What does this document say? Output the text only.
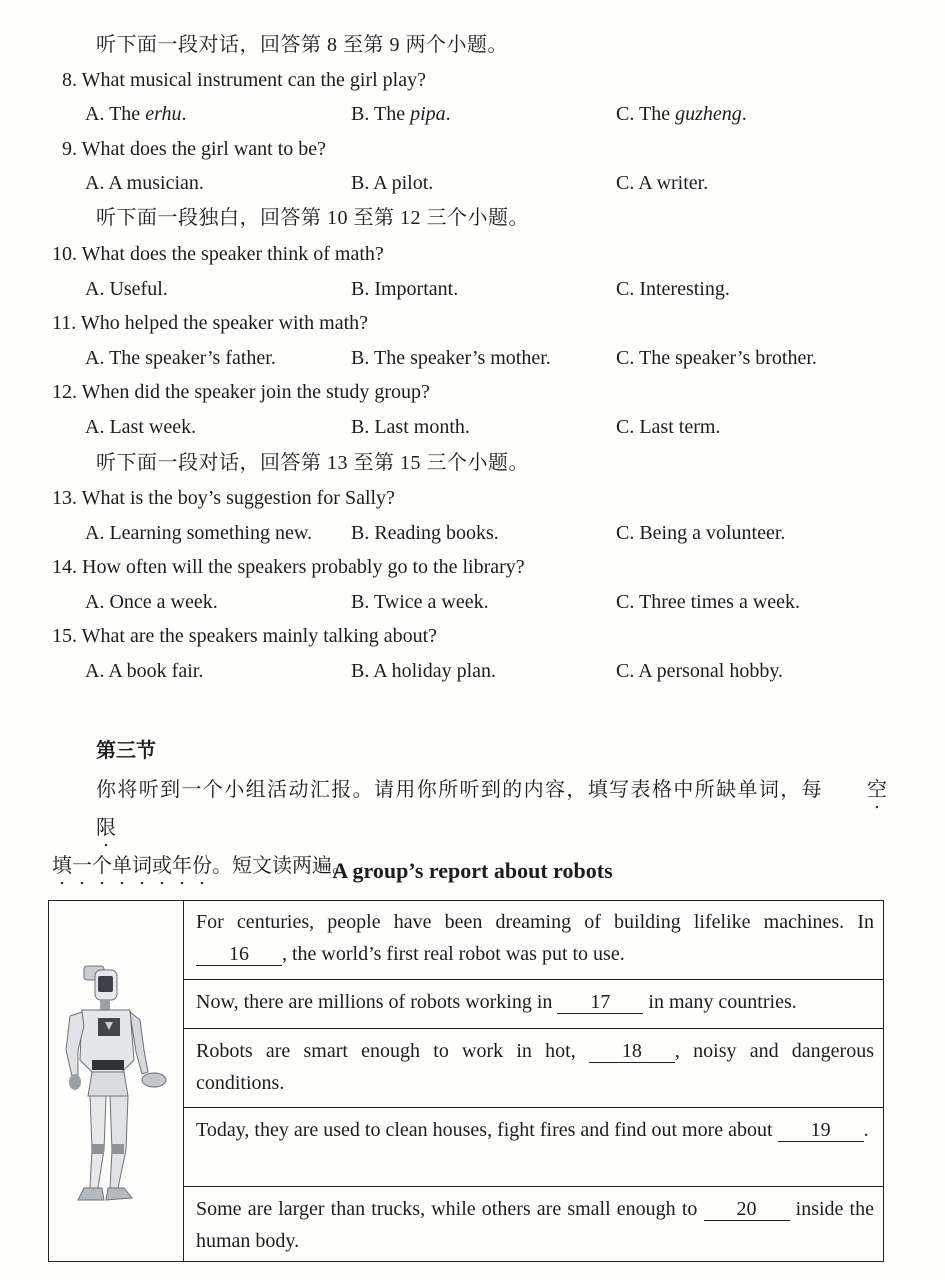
听下面一段对话，回答第 8 至第 9 两个小题。
8. What musical instrument can the girl play?
A. The erhu.	B. The pipa.	C. The guzheng.
9. What does the girl want to be?
A. A musician.	B. A pilot.	C. A writer.
听下面一段独白，回答第 10 至第 12 三个小题。
10. What does the speaker think of math?
A. Useful.	B. Important.	C. Interesting.
11. Who helped the speaker with math?
A. The speaker’s father.	B. The speaker’s mother.	C. The speaker’s brother.
12. When did the speaker join the study group?
A. Last week.	B. Last month.	C. Last term.
听下面一段对话，回答第 13 至第 15 三个小题。
13. What is the boy’s suggestion for Sally?
A. Learning something new. B. Reading books.	C. Being a volunteer.
14. How often will the speakers probably go to the library?
A. Once a week.	B. Twice a week.	C. Three times a week.
15. What are the speakers mainly talking about?
A. A book fair.	B. A holiday plan.	C. A personal hobby.
第三节
你将听到一个小组活动汇报。请用你所听到的内容，填写表格中所缺单词，每 空限
填一个单词或年份。短文读两遍。
A group’s report about robots
For centuries, people have been dreaming of building lifelike machines. In 16 , the world’s first real robot was put to use.
Now, there are millions of robots working in 17 in many countries.
Robots are smart enough to work in hot, 18 , noisy and dangerous conditions.
Today, they are used to clean houses, fight fires and find out more about 19 .
Some are larger than trucks, while others are small enough to 20 inside the human body.
